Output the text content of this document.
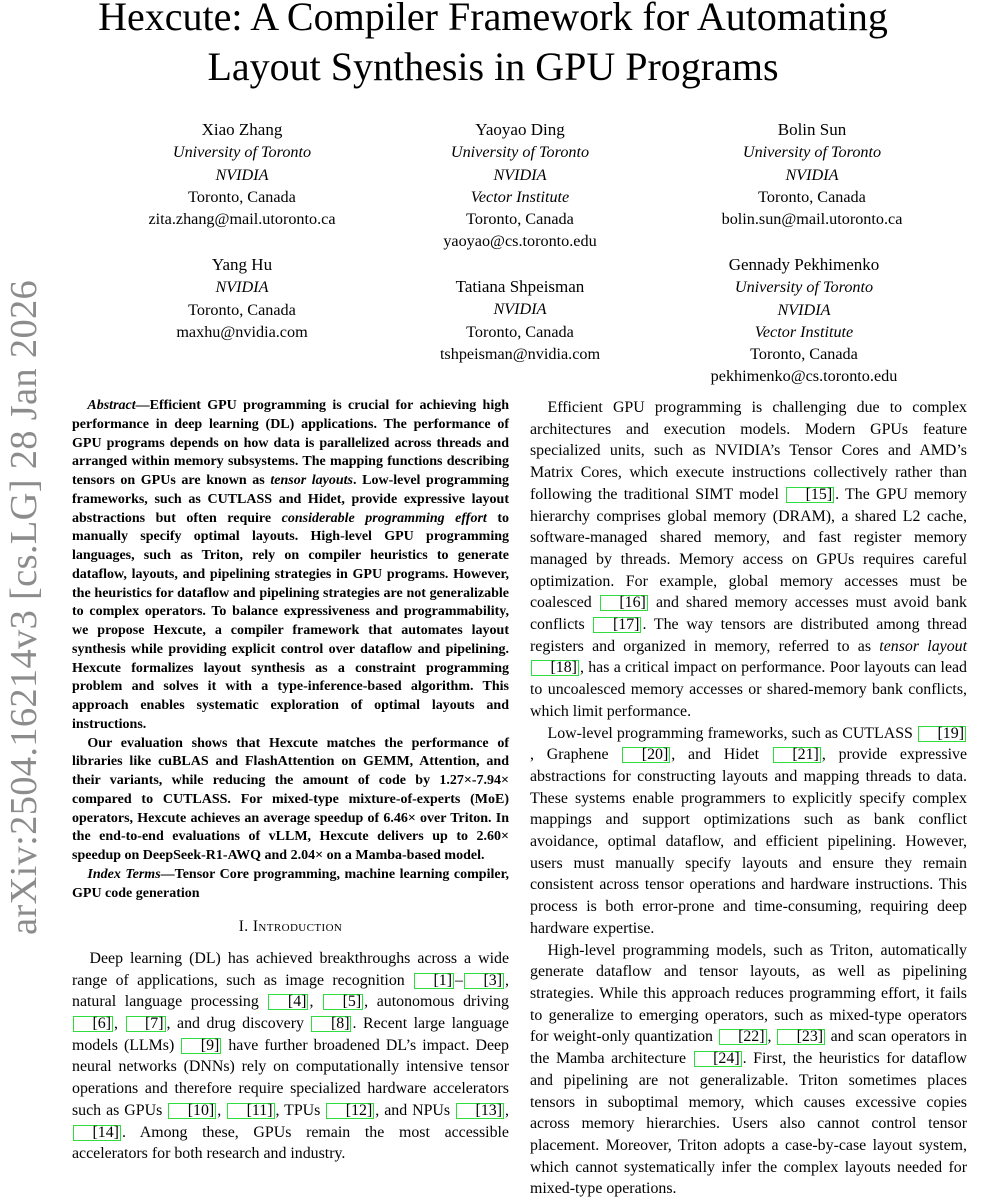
arXiv:2504.16214v3 [cs.LG] 28 Jan 2026
Hexcute: A Compiler Framework for Automating
Layout Synthesis in GPU Programs
Xiao Zhang
University of Toronto
NVIDIA
Toronto, Canada
zita.zhang@mail.utoronto.ca
Yaoyao Ding
University of Toronto
NVIDIA
Vector Institute
Toronto, Canada
yaoyao@cs.toronto.edu
Bolin Sun
University of Toronto
NVIDIA
Toronto, Canada
bolin.sun@mail.utoronto.ca
Yang Hu
NVIDIA
Toronto, Canada
maxhu@nvidia.com
Tatiana Shpeisman
NVIDIA
Toronto, Canada
tshpeisman@nvidia.com
Gennady Pekhimenko
University of Toronto
NVIDIA
Vector Institute
Toronto, Canada
pekhimenko@cs.toronto.edu

Abstract—Efficient GPU programming is crucial for achieving high performance in deep learning (DL) applications. The performance of GPU programs depends on how data is parallelized across threads and arranged within memory subsystems. The mapping functions describing tensors on GPUs are known as tensor layouts. Low-level programming frameworks, such as CUTLASS and Hidet, provide expressive layout abstractions but often require considerable programming effort to manually specify optimal layouts. High-level GPU programming languages, such as Triton, rely on compiler heuristics to generate dataflow, layouts, and pipelining strategies in GPU programs. However, the heuristics for dataflow and pipelining strategies are not generalizable to complex operators. To balance expressiveness and programmability, we propose Hexcute, a compiler framework that automates layout synthesis while providing explicit control over dataflow and pipelining. Hexcute formalizes layout synthesis as a constraint programming problem and solves it with a type-inference-based algorithm. This approach enables systematic exploration of optimal layouts and instructions.

Our evaluation shows that Hexcute matches the performance of libraries like cuBLAS and FlashAttention on GEMM, Attention, and their variants, while reducing the amount of code by 1.27×-7.94× compared to CUTLASS. For mixed-type mixture-of-experts (MoE) operators, Hexcute achieves an average speedup of 6.46× over Triton. In the end-to-end evaluations of vLLM, Hexcute delivers up to 2.60× speedup on DeepSeek-R1-AWQ and 2.04× on a Mamba-based model.

Index Terms—Tensor Core programming, machine learning compiler, GPU code generation

I. Introduction

Deep learning (DL) has achieved breakthroughs across a wide range of applications, such as image recognition [1] – [3] , natural language processing [4] , [5] , autonomous driving [6] , [7] , and drug discovery [8] . Recent large language models (LLMs) [9] have further broadened DL’s impact. Deep neural networks (DNNs) rely on computationally intensive tensor operations and therefore require specialized hardware accelerators such as GPUs [10] , [11] , TPUs [12] , and NPUs [13] , [14] . Among these, GPUs remain the most accessible accelerators for both research and industry.

Efficient GPU programming is challenging due to complex architectures and execution models. Modern GPUs feature specialized units, such as NVIDIA’s Tensor Cores and AMD’s Matrix Cores, which execute instructions collectively rather than following the traditional SIMT model [15] . The GPU memory hierarchy comprises global memory (DRAM), a shared L2 cache, software-managed shared memory, and fast register memory managed by threads. Memory access on GPUs requires careful optimization. For example, global memory accesses must be coalesced [16] and shared memory accesses must avoid bank conflicts [17] . The way tensors are distributed among thread registers and organized in memory, referred to as tensor layout [18] , has a critical impact on performance. Poor layouts can lead to uncoalesced memory accesses or shared-memory bank conflicts, which limit performance.

Low-level programming frameworks, such as CUTLASS [19], Graphene [20] , and Hidet [21] , provide expressive abstractions for constructing layouts and mapping threads to data. These systems enable programmers to explicitly specify complex mappings and support optimizations such as bank conflict avoidance, optimal dataflow, and efficient pipelining. However, users must manually specify layouts and ensure they remain consistent across tensor operations and hardware instructions. This process is both error-prone and time-consuming, requiring deep hardware expertise.

High-level programming models, such as Triton, automatically generate dataflow and tensor layouts, as well as pipelining strategies. While this approach reduces programming effort, it fails to generalize to emerging operators, such as mixed-type operators for weight-only quantization [22] , [23] and scan operators in the Mamba architecture [24] . First, the heuristics for dataflow and pipelining are not generalizable. Triton sometimes places tensors in suboptimal memory, which causes excessive copies across memory hierarchies. Users also cannot control tensor placement. Moreover, Triton adopts a case-by-case layout system, which cannot systematically infer the complex layouts needed for mixed-type operations.
